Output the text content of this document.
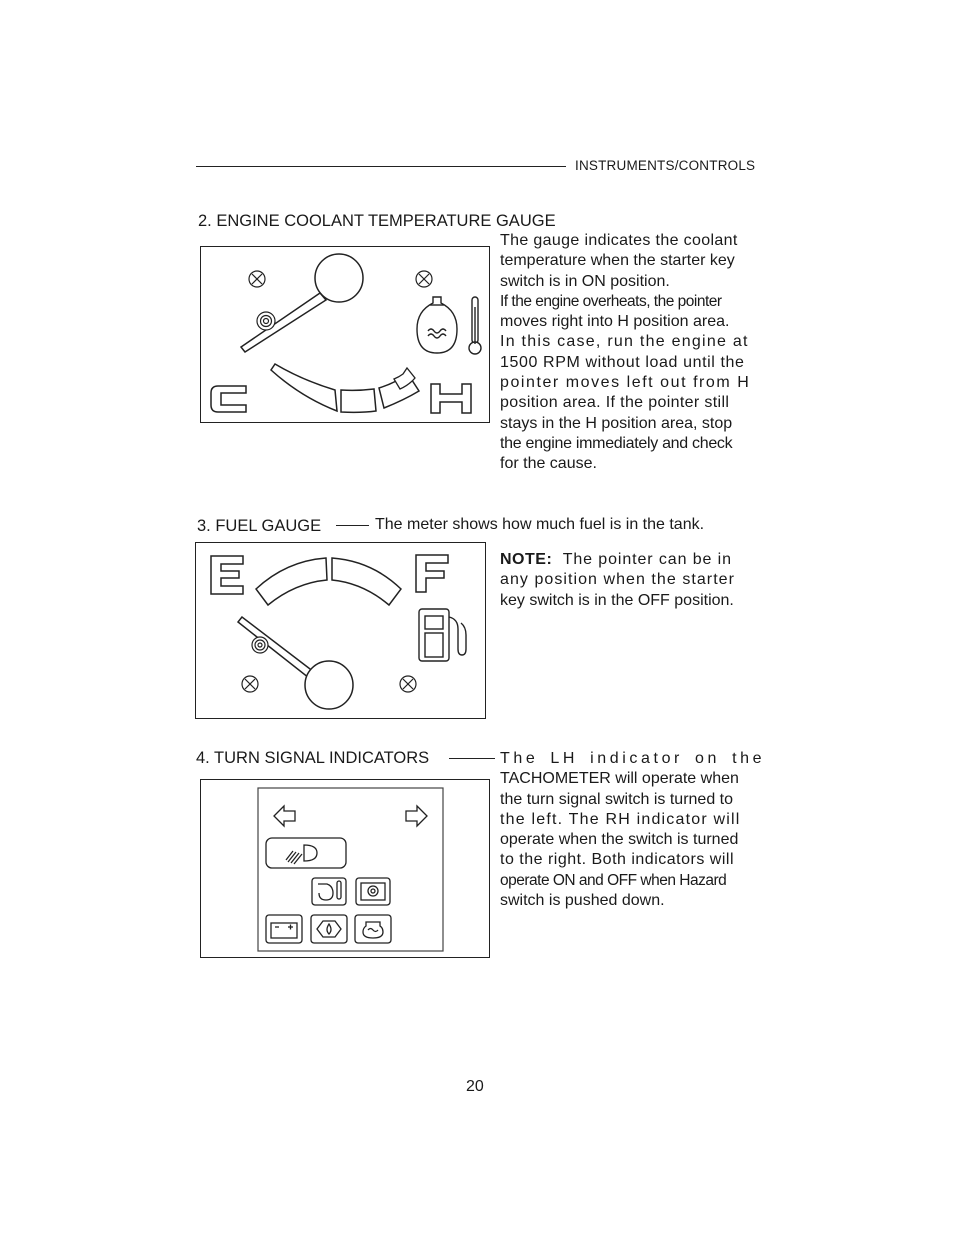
INSTRUMENTS/CONTROLS
2. ENGINE COOLANT TEMPERATURE GAUGE
The gauge indicates the coolant
temperature when the starter key
switch is in ON position.
If the engine overheats, the pointer
moves right into H position area.
In this case, run the engine at
1500 RPM without load until the
pointer moves left out from H
position area. If the pointer still
stays in the H position area, stop
the engine immediately and check
for the cause.
3. FUEL GAUGE	The meter shows how much fuel is in the tank.
NOTE: The pointer can be in
any position when the starter
key switch is in the OFF position.
4. TURN SIGNAL INDICATORS	The LH indicator on the
TACHOMETER will operate when
the turn signal switch is turned to
the left. The RH indicator will
operate when the switch is turned
to the right. Both indicators will
operate ON and OFF when Hazard
switch is pushed down.
20
